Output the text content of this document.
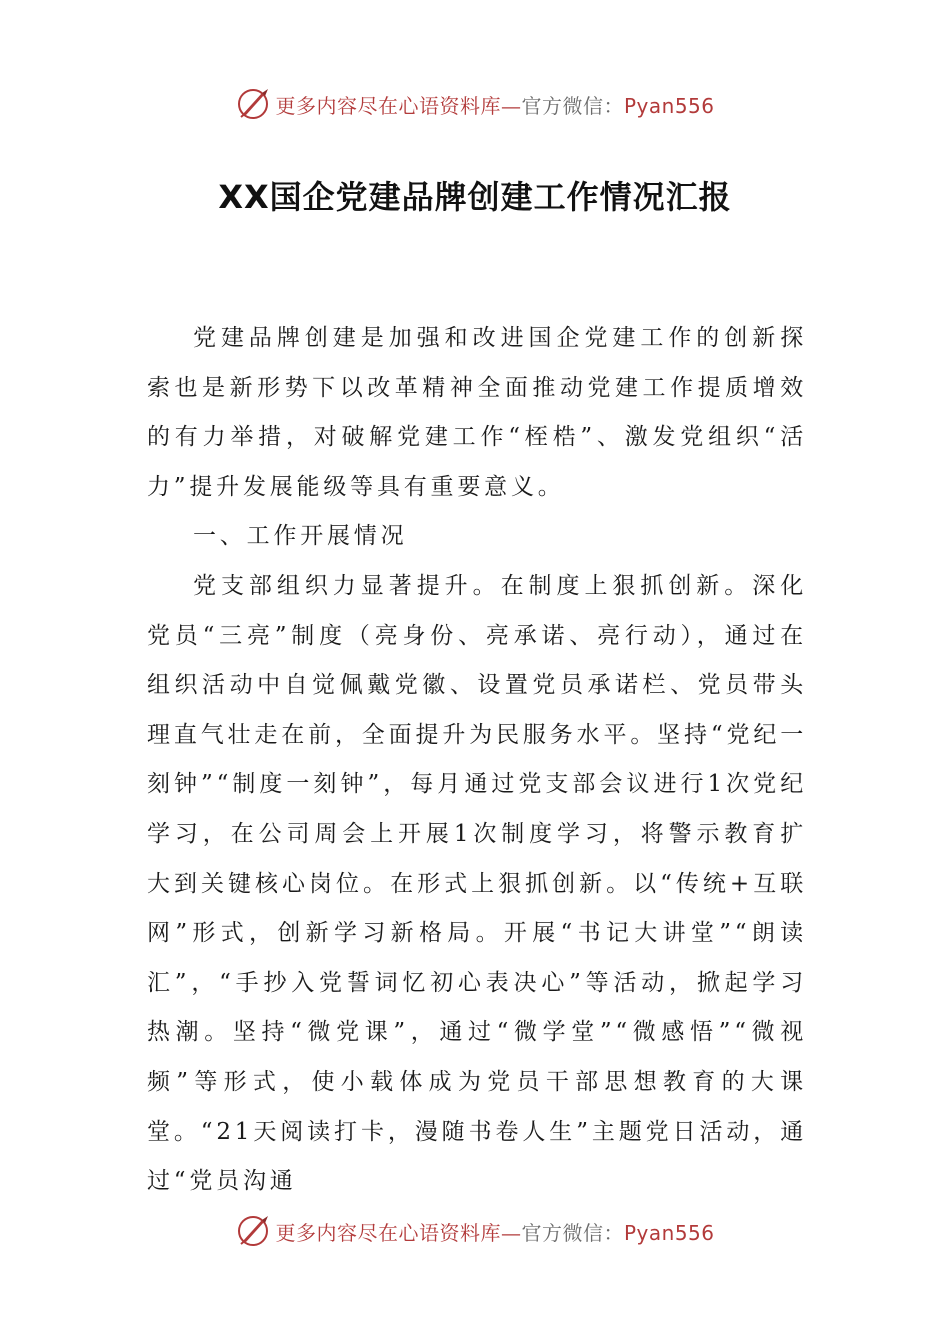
更多内容尽在心语资料库—官方微信：Pyan556
XX国企党建品牌创建工作情况汇报

党建品牌创建是加强和改进国企党建工作的创新探索也是新形势下以改革精神全面推动党建工作提质增效的有力举措，对破解党建工作“桎梏”、激发党组织“活力”提升发展能级等具有重要意义。

一、工作开展情况

党支部组织力显著提升。在制度上狠抓创新。深化党员“三亮”制度（亮身份、亮承诺、亮行动），通过在组织活动中自觉佩戴党徽、设置党员承诺栏、党员带头理直气壮走在前，全面提升为民服务水平。坚持“党纪一刻钟”“制度一刻钟”，每月通过党支部会议进行1次党纪学习，在公司周会上开展1次制度学习，将警示教育扩大到关键核心岗位。在形式上狠抓创新。以“传统+互联网”形式，创新学习新格局。开展“书记大讲堂”“朗读汇”，“手抄入党誓词忆初心表决心”等活动，掀起学习热潮。坚持“微党课”，通过“微学堂”“微感悟”“微视频”等形式，使小载体成为党员干部思想教育的大课堂。“21天阅读打卡，漫随书卷人生”主题党日活动，通过“党员沟通

更多内容尽在心语资料库—官方微信：Pyan556
